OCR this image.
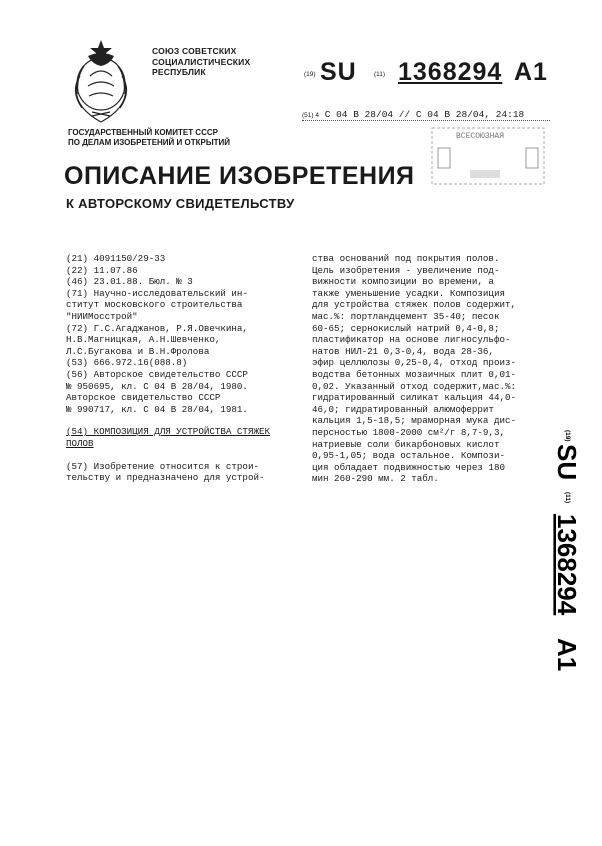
СОЮЗ СОВЕТСКИХ
СОЦИАЛИСТИЧЕСКИХ
РЕСПУБЛИК	(19) SU	(11) 1368294 A1
(51) 4 C 04 B 28/04 // C 04 B 28/04, 24:18
ВСЕСОЮЗНАЯ
ГОСУДАРСТВЕННЫЙ КОМИТЕТ СССР
ПО ДЕЛАМ ИЗОБРЕТЕНИЙ И ОТКРЫТИЙ
ОПИСАНИЕ ИЗОБРЕТЕНИЯ
К АВТОРСКОМУ СВИДЕТЕЛЬСТВУ
(21) 4091150/29-33
(22) 11.07.86
(46) 23.01.88. Бюл. № 3
(71) Научно-исследовательский ин-
ститут московского строительства
"НИИМосстрой"
(72) Г.С.Агаджанов, Р.Я.Овечкина,
Н.В.Магницкая, А.Н.Шевченко,
Л.С.Бугакова и В.Н.Фролова
(53) 666.972.16(088.8)
(56) Авторское свидетельство СССР
№ 950695, кл. С 04 В 28/04, 1980.
Авторское свидетельство СССР
№ 990717, кл. С 04 В 28/04, 1981.
(54) КОМПОЗИЦИЯ ДЛЯ УСТРОЙСТВА СТЯЖЕК
ПОЛОВ
(57) Изобретение относится к строи-
тельству и предназначено для устрой-
ства оснований под покрытия полов.
Цель изобретения - увеличение под-
вижности композиции во времени, а
также уменьшение усадки. Композиция
для устройства стяжек полов содержит,
мас.%: портландцемент 35-40; песок
60-65; сернокислый натрий 0,4-0,8;
пластификатор на основе лигносульфо-
натов НИЛ-21 0,3-0,4, вода 28-36,
эфир целлюлозы 0,25-0,4, отход произ-
водства бетонных мозаичных плит 0,01-
0,02. Указанный отход содержит,мас.%:
гидратированный силикат кальция 44,0-
46,0; гидратированный алюмоферрит
кальция 1,5-18,5; мраморная мука дис-
персностью 1800-2000 см²/г 8,7-9,3,
натриевые соли бикарбоновых кислот
0,95-1,05; вода остальное. Компози-
ция обладает подвижностью через 180
мин 260-290 мм. 2 табл.
(19)
SU
(11)
1368294
A1
